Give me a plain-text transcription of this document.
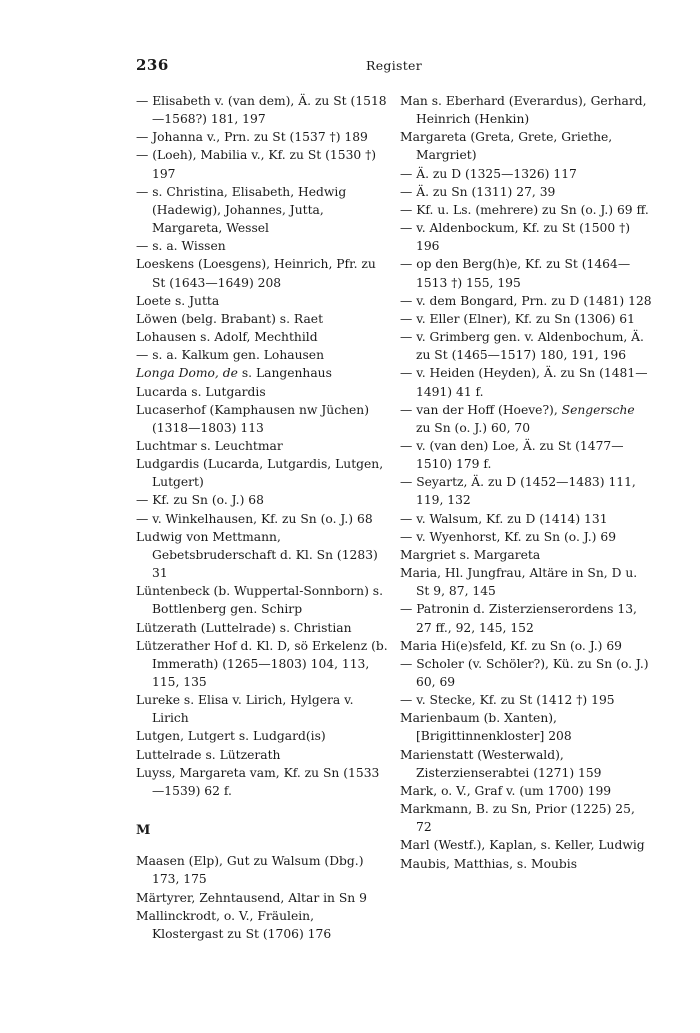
236	Register

— Elisabeth v. (van dem), Ä. zu St (1518—1568?) 181, 197

— Johanna v., Prn. zu St (1537 †) 189

— (Loeh), Mabilia v., Kf. zu St (1530 †) 197

— s. Christina, Elisabeth, Hedwig (Hadewig), Johannes, Jutta, Margareta, Wessel

— s. a. Wissen

Loeskens (Loesgens), Heinrich, Pfr. zu St (1643—1649) 208

Loete s. Jutta

Löwen (belg. Brabant) s. Raet

Lohausen s. Adolf, Mechthild

— s. a. Kalkum gen. Lohausen

Longa Domo, de s. Langenhaus

Lucarda s. Lutgardis

Lucaserhof (Kamphausen nw Jüchen) (1318—1803) 113

Luchtmar s. Leuchtmar

Ludgardis (Lucarda, Lutgardis, Lutgen, Lutgert)

— Kf. zu Sn (o. J.) 68

— v. Winkelhausen, Kf. zu Sn (o. J.) 68

Ludwig von Mettmann, Gebetsbruderschaft d. Kl. Sn (1283) 31

Lüntenbeck (b. Wuppertal-Sonnborn) s. Bottlenberg gen. Schirp

Lützerath (Luttelrade) s. Christian

Lützerather Hof d. Kl. D, sö Erkelenz (b. Immerath) (1265—1803) 104, 113, 115, 135

Lureke s. Elisa v. Lirich, Hylgera v. Lirich

Lutgen, Lutgert s. Ludgard(is)

Luttelrade s. Lützerath

Luyss, Margareta vam, Kf. zu Sn (1533—1539) 62 f.

M

Maasen (Elp), Gut zu Walsum (Dbg.) 173, 175

Märtyrer, Zehntausend, Altar in Sn 9

Mallinckrodt, o. V., Fräulein, Klostergast zu St (1706) 176

Man s. Eberhard (Everardus), Gerhard, Heinrich (Henkin)

Margareta (Greta, Grete, Griethe, Margriet)

— Ä. zu D (1325—1326) 117

— Ä. zu Sn (1311) 27, 39

— Kf. u. Ls. (mehrere) zu Sn (o. J.) 69 ff.

— v. Aldenbockum, Kf. zu St (1500 †) 196

— op den Berg(h)e, Kf. zu St (1464—1513 †) 155, 195

— v. dem Bongard, Prn. zu D (1481) 128

— v. Eller (Elner), Kf. zu Sn (1306) 61

— v. Grimberg gen. v. Aldenbochum, Ä. zu St (1465—1517) 180, 191, 196

— v. Heiden (Heyden), Ä. zu Sn (1481—1491) 41 f.

— van der Hoff (Hoeve?), Sengersche zu Sn (o. J.) 60, 70

— v. (van den) Loe, Ä. zu St (1477—1510) 179 f.

— Seyartz, Ä. zu D (1452—1483) 111, 119, 132

— v. Walsum, Kf. zu D (1414) 131

— v. Wyenhorst, Kf. zu Sn (o. J.) 69

Margriet s. Margareta

Maria, Hl. Jungfrau, Altäre in Sn, D u. St 9, 87, 145

— Patronin d. Zisterzienserordens 13, 27 ff., 92, 145, 152

Maria Hi(e)sfeld, Kf. zu Sn (o. J.) 69

— Scholer (v. Schöler?), Kü. zu Sn (o. J.) 60, 69

— v. Stecke, Kf. zu St (1412 †) 195

Marienbaum (b. Xanten), [Brigittinnenkloster] 208

Marienstatt (Westerwald), Zisterzienserabtei (1271) 159

Mark, o. V., Graf v. (um 1700) 199

Markmann, B. zu Sn, Prior (1225) 25, 72

Marl (Westf.), Kaplan, s. Keller, Ludwig

Maubis, Matthias, s. Moubis
